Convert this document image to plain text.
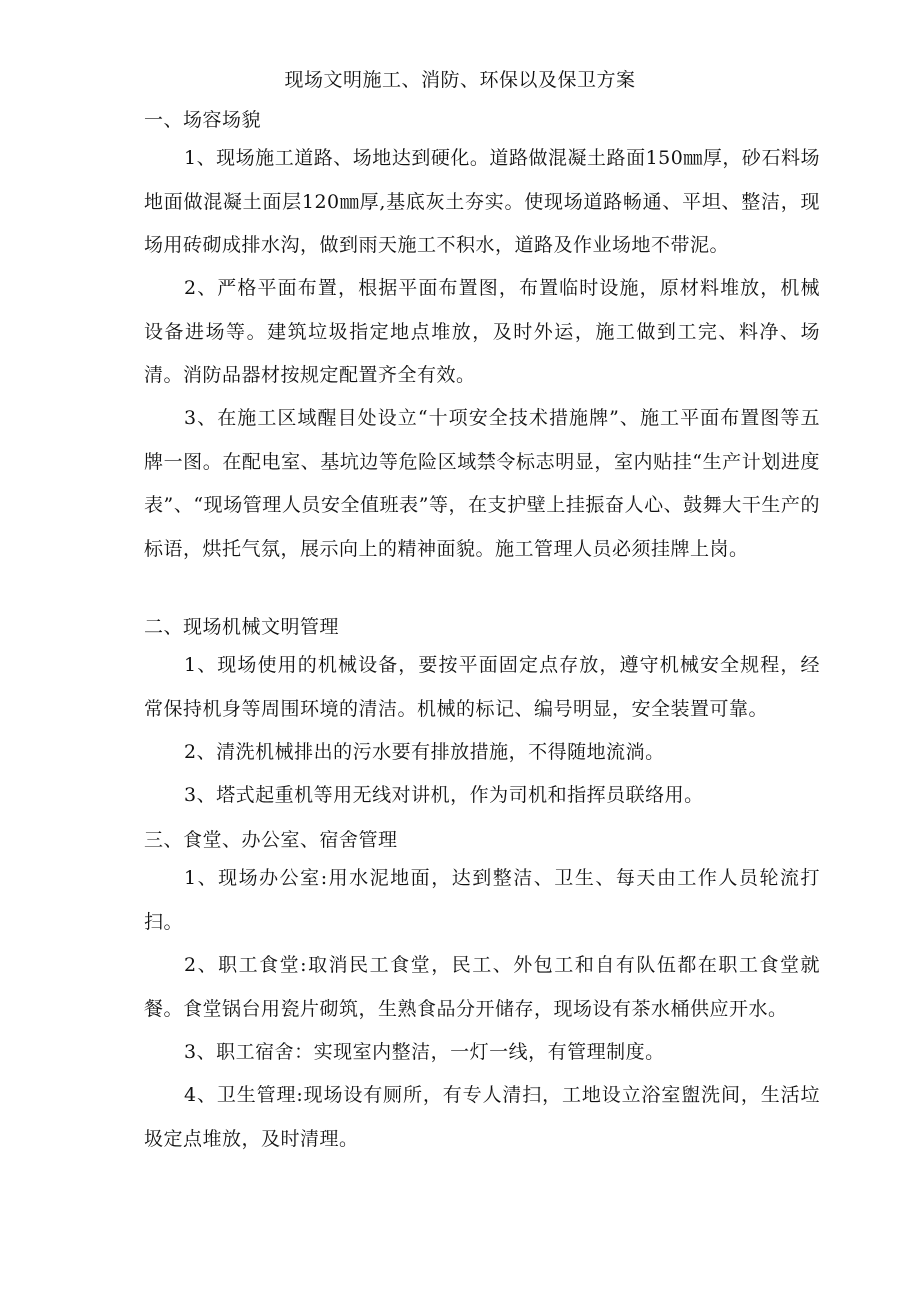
现场文明施工、消防、环保以及保卫方案
一、场容场貌
1、现场施工道路、场地达到硬化。道路做混凝土路面150㎜厚，砂石料场地面做混凝土面层120㎜厚,基底灰土夯实。使现场道路畅通、平坦、整洁，现场用砖砌成排水沟，做到雨天施工不积水，道路及作业场地不带泥。
2、严格平面布置，根据平面布置图，布置临时设施，原材料堆放，机械设备进场等。建筑垃圾指定地点堆放，及时外运，施工做到工完、料净、场清。消防品器材按规定配置齐全有效。
3、在施工区域醒目处设立“十项安全技术措施牌”、施工平面布置图等五牌一图。在配电室、基坑边等危险区域禁令标志明显，室内贴挂“生产计划进度表”、“现场管理人员安全值班表”等，在支护壁上挂振奋人心、鼓舞大干生产的标语，烘托气氛，展示向上的精神面貌。施工管理人员必须挂牌上岗。
二、现场机械文明管理
1、现场使用的机械设备，要按平面固定点存放，遵守机械安全规程，经常保持机身等周围环境的清洁。机械的标记、编号明显，安全装置可靠。
2、清洗机械排出的污水要有排放措施，不得随地流淌。
3、塔式起重机等用无线对讲机，作为司机和指挥员联络用。
三、食堂、办公室、宿舍管理
1、现场办公室:用水泥地面，达到整洁、卫生、每天由工作人员轮流打扫。
2、职工食堂:取消民工食堂，民工、外包工和自有队伍都在职工食堂就餐。食堂锅台用瓷片砌筑，生熟食品分开储存，现场设有茶水桶供应开水。
3、职工宿舍：实现室内整洁，一灯一线，有管理制度。
4、卫生管理:现场设有厕所，有专人清扫，工地设立浴室盥洗间，生活垃圾定点堆放，及时清理。
